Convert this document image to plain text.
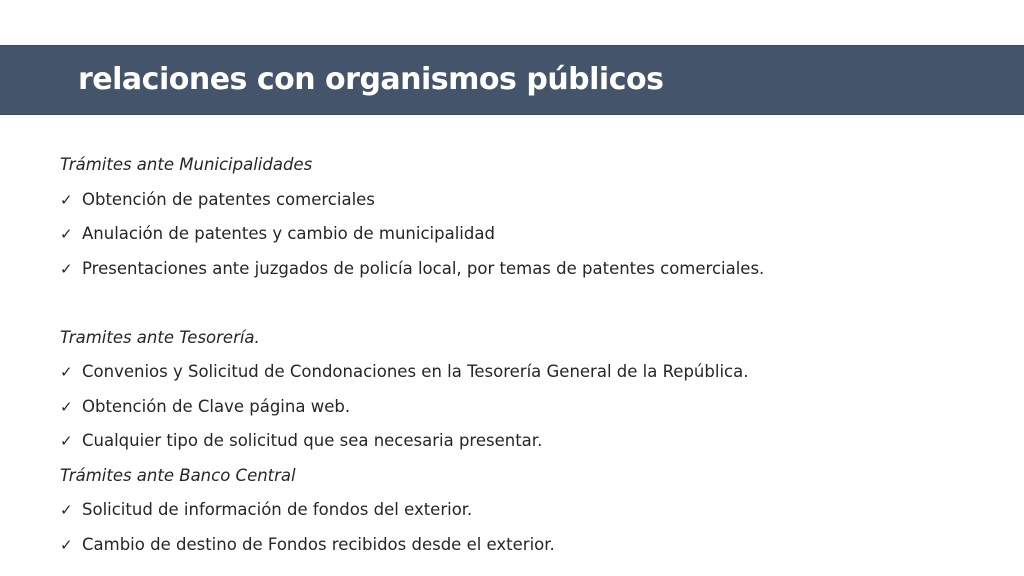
relaciones con organismos públicos
Trámites ante Municipalidades
✓ Obtención de patentes comerciales
✓ Anulación de patentes y cambio de municipalidad
✓ Presentaciones ante juzgados de policía local, por temas de patentes comerciales.
Tramites ante Tesorería.
✓ Convenios y Solicitud de Condonaciones en la Tesorería General de la República.
✓ Obtención de Clave página web.
✓ Cualquier tipo de solicitud que sea necesaria presentar.
Trámites ante Banco Central
✓ Solicitud de información de fondos del exterior.
✓ Cambio de destino de Fondos recibidos desde el exterior.
